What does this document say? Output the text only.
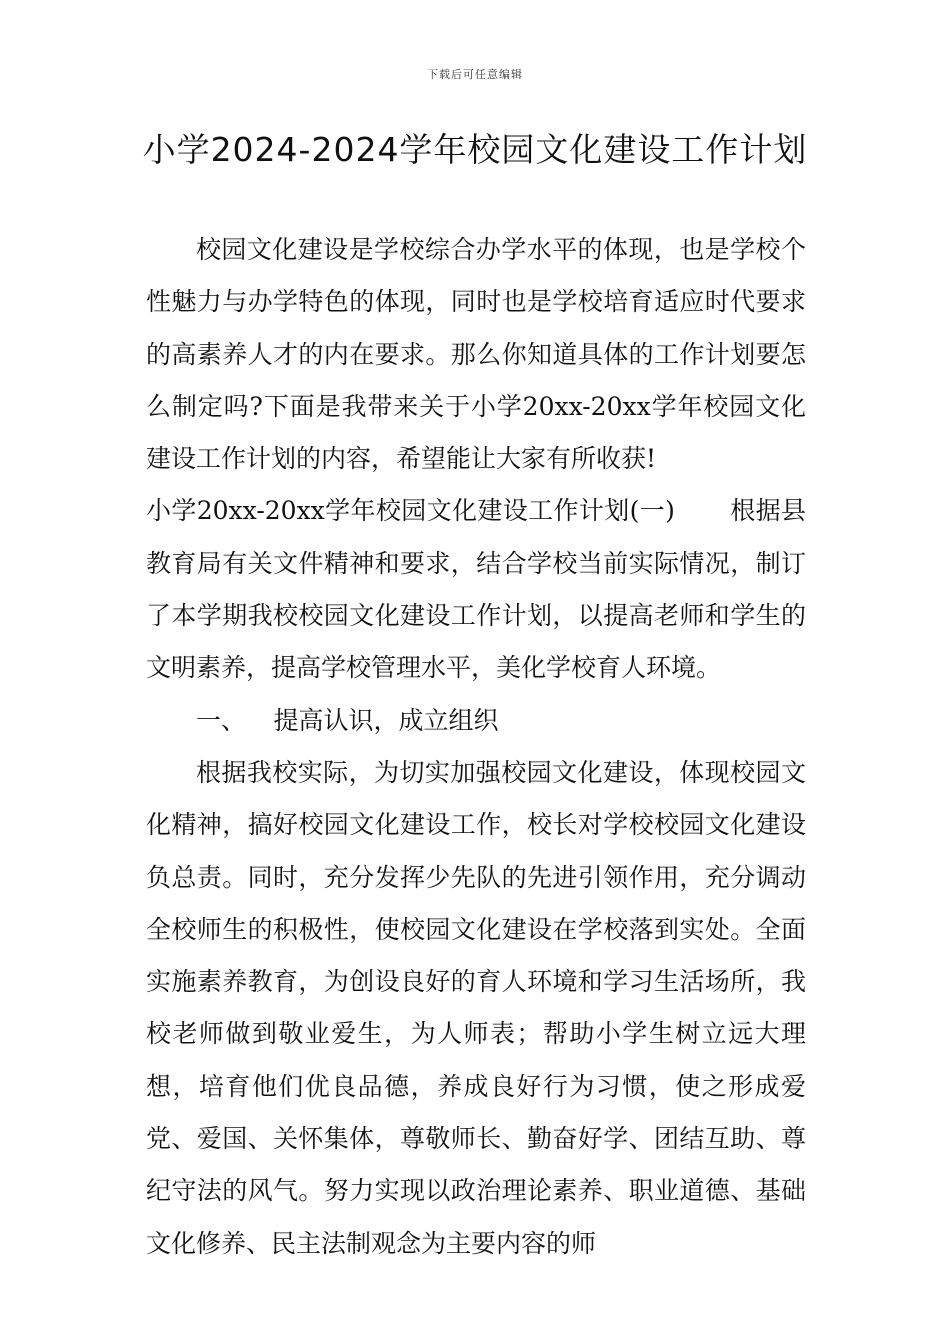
下载后可任意编辑
小学2024-2024学年校园文化建设工作计划

校园文化建设是学校综合办学水平的体现，也是学校个性魅力与办学特色的体现，同时也是学校培育适应时代要求的高素养人才的内在要求。那么你知道具体的工作计划要怎么制定吗?下面是我带来关于小学20xx-20xx学年校园文化建设工作计划的内容，希望能让大家有所收获!

小学20xx-20xx学年校园文化建设工作计划(一) 根据县教育局有关文件精神和要求，结合学校当前实际情况，制订了本学期我校校园文化建设工作计划，以提高老师和学生的文明素养，提高学校管理水平，美化学校育人环境。

一、 提高认识，成立组织

根据我校实际，为切实加强校园文化建设，体现校园文化精神，搞好校园文化建设工作，校长对学校校园文化建设负总责。同时，充分发挥少先队的先进引领作用，充分调动全校师生的积极性，使校园文化建设在学校落到实处。全面实施素养教育，为创设良好的育人环境和学习生活场所，我校老师做到敬业爱生，为人师表；帮助小学生树立远大理想，培育他们优良品德，养成良好行为习惯，使之形成爱党、爱国、关怀集体，尊敬师长、勤奋好学、团结互助、尊纪守法的风气。努力实现以政治理论素养、职业道德、基础文化修养、民主法制观念为主要内容的师
